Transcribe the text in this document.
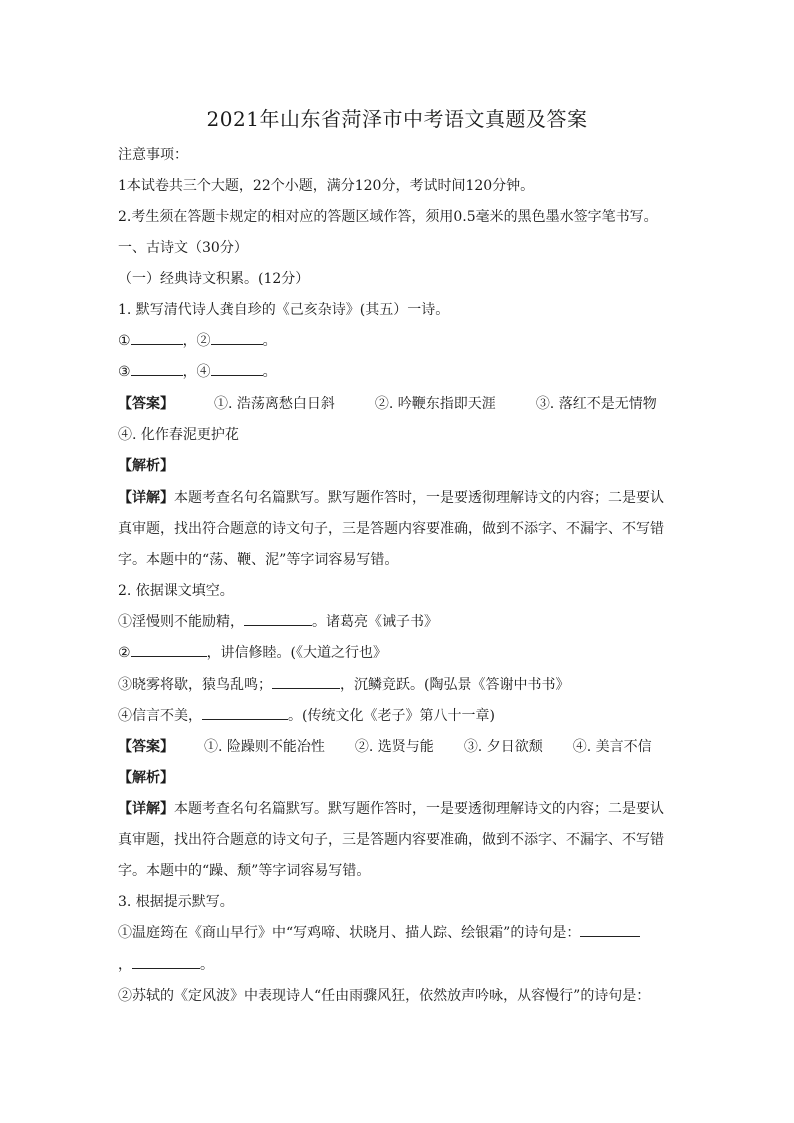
2021年山东省菏泽市中考语文真题及答案
注意事项：
1本试卷共三个大题，22个小题，满分120分，考试时间120分钟。
2.考生须在答题卡规定的相对应的答题区域作答，须用0.5毫米的黑色墨水签字笔书写。
一、古诗文（30分）
（一）经典诗文积累。(12分）
1. 默写清代诗人龚自珍的《己亥杂诗》(其五）一诗。
①	，②	。
③	，④	。
【答案】	①. 浩荡离愁白日斜	②. 吟鞭东指即天涯	③. 落红不是无情物
④. 化作春泥更护花
【解析】
【详解】本题考查名句名篇默写。默写题作答时，一是要透彻理解诗文的内容；二是要认
真审题，找出符合题意的诗文句子，三是答题内容要准确，做到不添字、不漏字、不写错
字。本题中的“荡、鞭、泥”等字词容易写错。
2. 依据课文填空。
①淫慢则不能励精，	。诸葛亮《诫子书》
②	，讲信修睦。(《大道之行也》
③晓雾将歇，猿鸟乱鸣；	，沉鳞竞跃。(陶弘景《答谢中书书》
④信言不美，	。(传统文化《老子》第八十一章)
【答案】 ①. 险躁则不能冶性 ②. 选贤与能 ③. 夕日欲颓 ④. 美言不信
【解析】
【详解】本题考查名句名篇默写。默写题作答时，一是要透彻理解诗文的内容；二是要认
真审题，找出符合题意的诗文句子，三是答题内容要准确，做到不添字、不漏字、不写错
字。本题中的“躁、颓”等字词容易写错。
3. 根据提示默写。
①温庭筠在《商山早行》中“写鸡啼、状晓月、描人踪、绘银霜”的诗句是：
，	。
②苏轼的《定风波》中表现诗人“任由雨骤风狂，依然放声吟咏，从容慢行”的诗句是：
